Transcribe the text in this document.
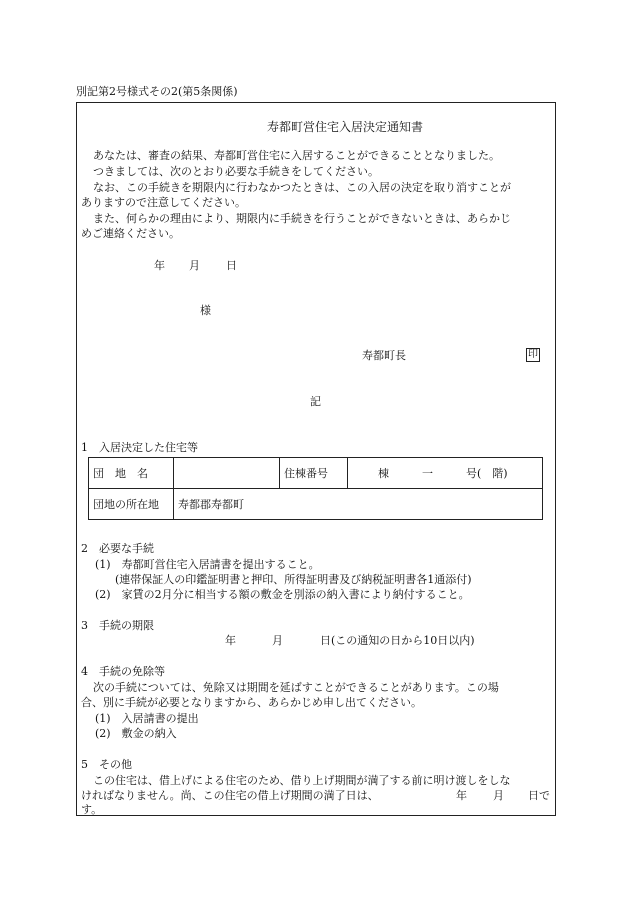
別記第2号様式その2(第5条関係)
寿都町営住宅入居決定通知書
あなたは、審査の結果、寿都町営住宅に入居することができることとなりました。
つきましては、次のとおり必要な手続きをしてください。
なお、この手続きを期限内に行わなかつたときは、この入居の決定を取り消すことが
ありますので注意してください。
また、何らかの理由により、期限内に手続きを行うことができないときは、あらかじ
めご連絡ください。
年 月 日
様
寿都町長	印
記
1　入居決定した住宅等
団　地　名		住棟番号	棟　　　一　　　号(　階)
団地の所在地	寿都郡寿都町		
2　必要な手続
(1)　寿都町営住宅入居請書を提出すること。
(連帯保証人の印鑑証明書と押印、所得証明書及び納税証明書各1通添付)
(2)　家賃の2月分に相当する額の敷金を別添の納入書により納付すること。
3　手続の期限
年	月	日(この通知の日から10日以内)
4　手続の免除等
次の手続については、免除又は期間を延ばすことができることがあります。この場
合、別に手続が必要となりますから、あらかじめ申し出てください。
(1)　入居請書の提出
(2)　敷金の納入
5　その他
この住宅は、借上げによる住宅のため、借り上げ期間が満了する前に明け渡しをしな
ければなりません。尚、この住宅の借上げ期間の満了日は、	年 月 日で
す。
